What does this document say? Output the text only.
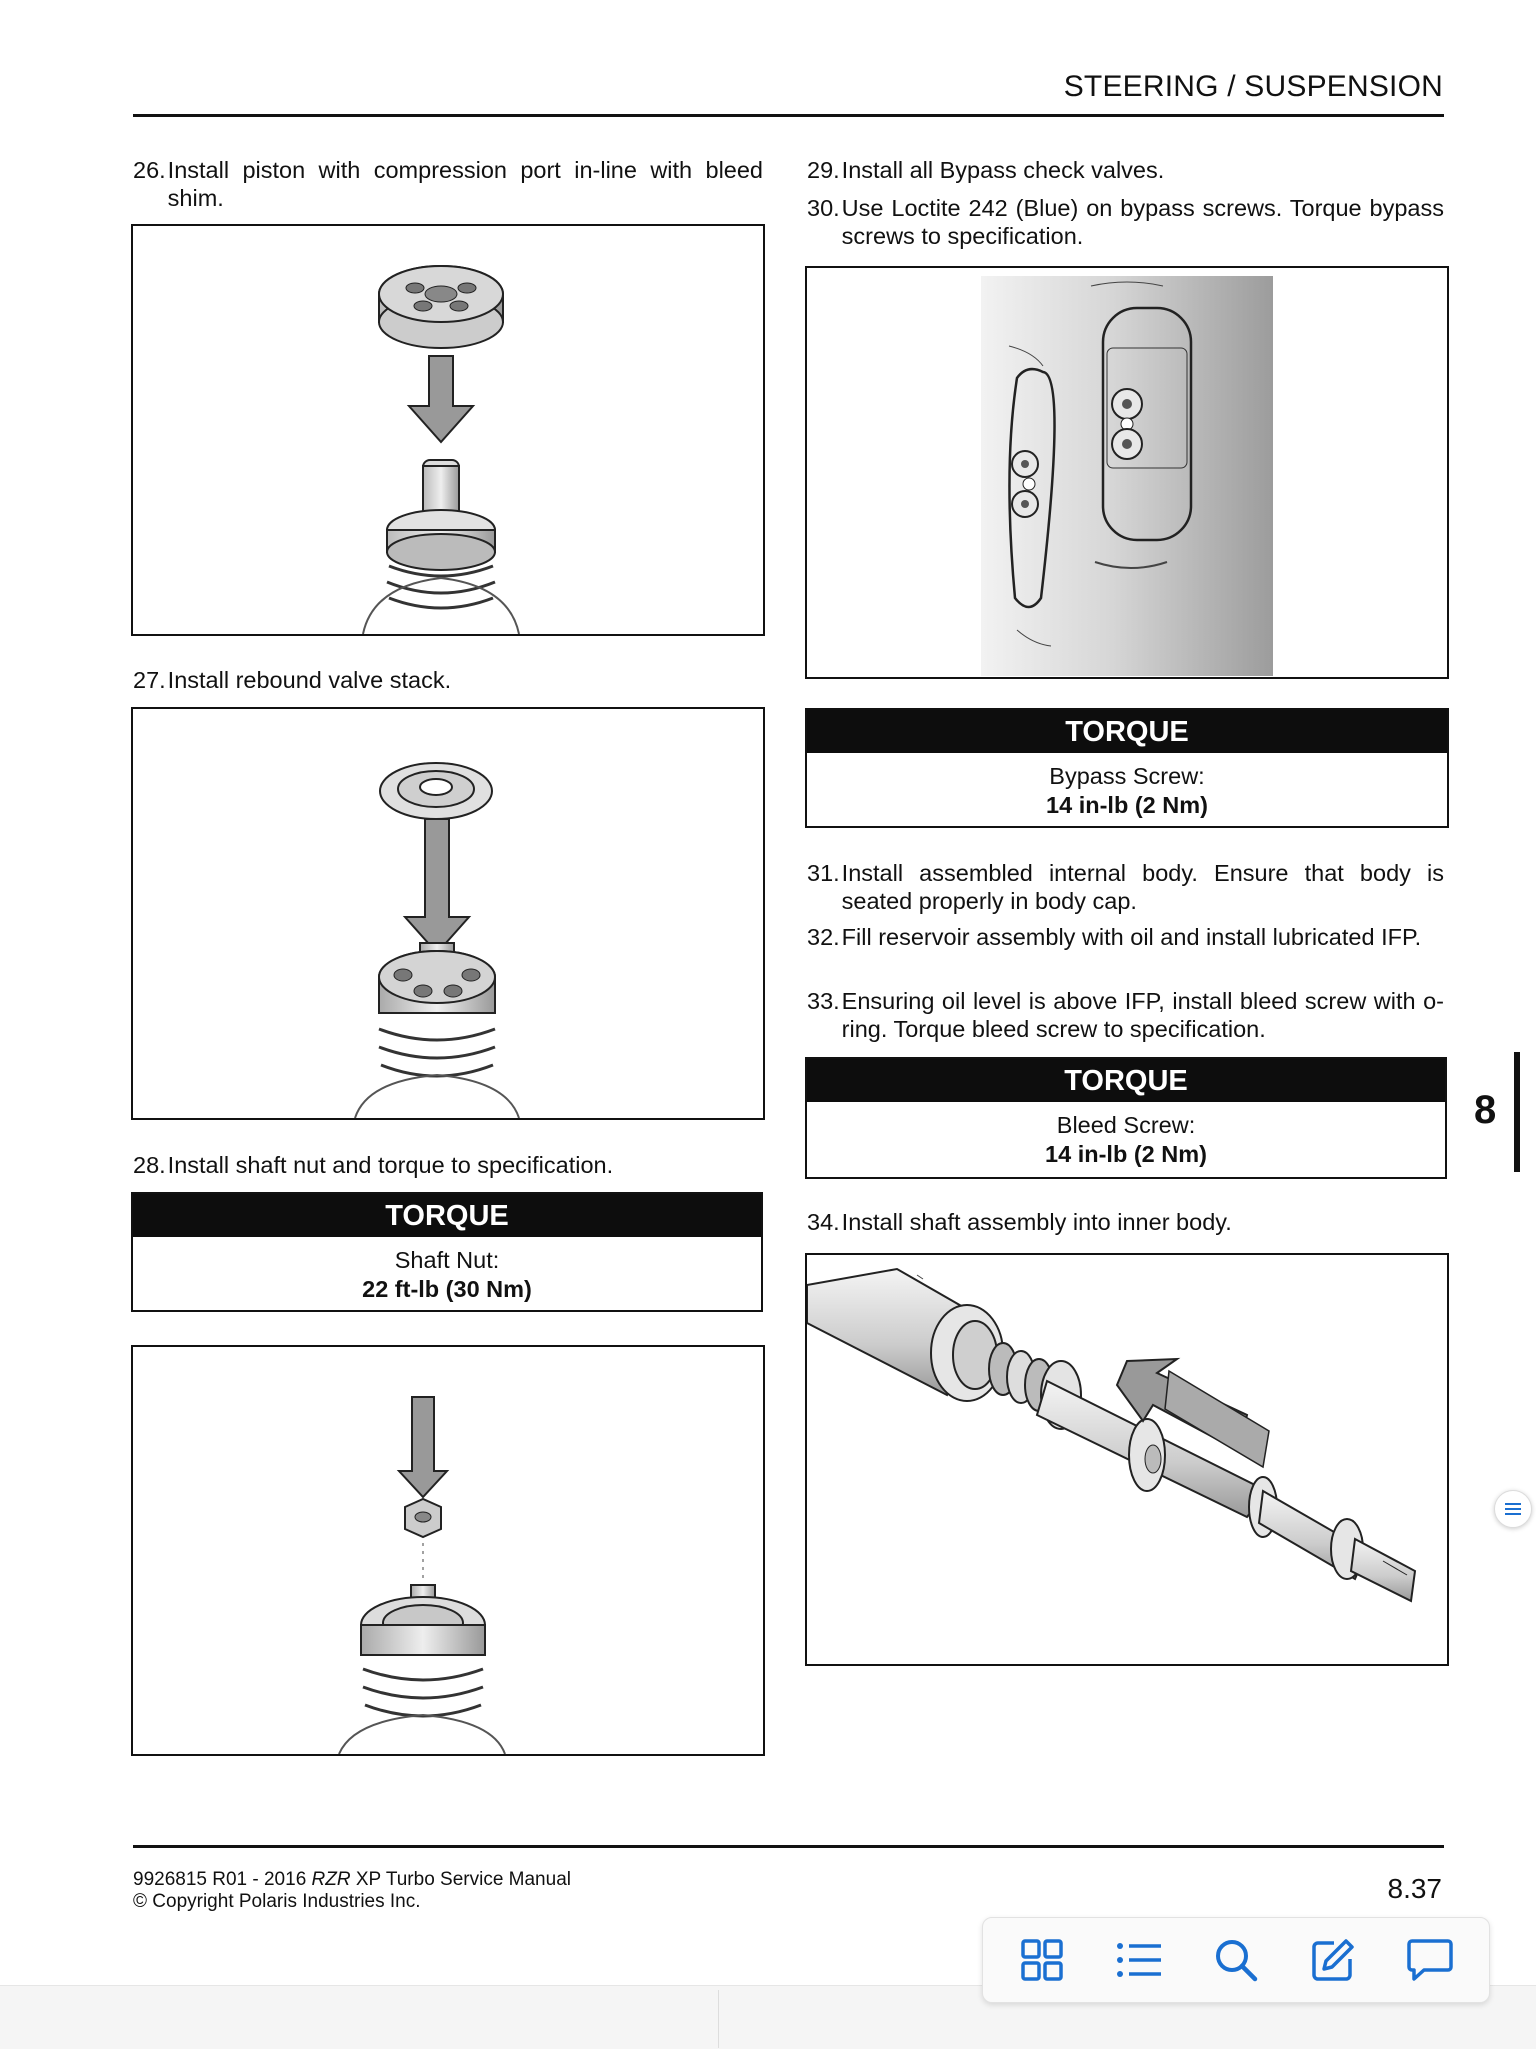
STEERING / SUSPENSION
26. Install piston with compression port in-line with bleed shim.
27. Install rebound valve stack.
28. Install shaft nut and torque to specification.
TORQUE
Shaft Nut:
22 ft-lb (30 Nm)
29. Install all Bypass check valves.
30. Use Loctite 242 (Blue) on bypass screws. Torque bypass screws to specification.
TORQUE
Bypass Screw:
14 in-lb (2 Nm)
31. Install assembled internal body. Ensure that body is seated properly in body cap.
32. Fill reservoir assembly with oil and install lubricated IFP.
33. Ensuring oil level is above IFP, install bleed screw with o-ring. Torque bleed screw to specification.
TORQUE
Bleed Screw:
14 in-lb (2 Nm)
34. Install shaft assembly into inner body.
8
9926815 R01 - 2016 RZR XP Turbo Service Manual
© Copyright Polaris Industries Inc.	8.37
